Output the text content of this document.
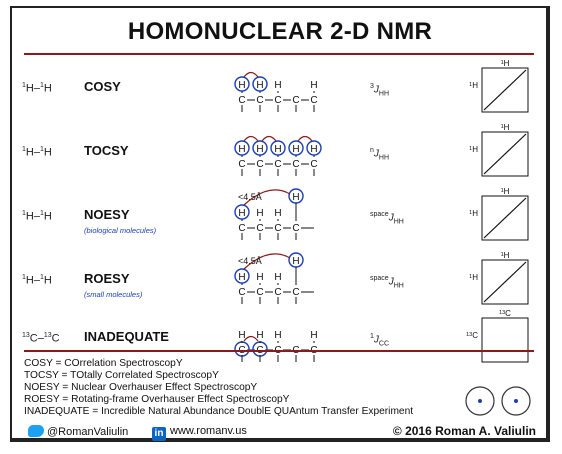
HOMONUCLEAR 2-D NMR
$^1$H–$^1$H COSY	$^3J_{HH}$
C C C C C
H H H	H
$^1$H
$^1$H
$^1$H–$^1$H TOCSY	$^nJ_{HH}$
C C C C C
H H H H H
$^1$H
$^1$H
$^1$H–$^1$H NOESY
(biological molecules)
$^{space}J_{HH}$
C C C C
H H H
H
<4.5Å
$^1$H
$^1$H
$^1$H–$^1$H ROESY
(small molecules)
$^{space}J_{HH}$
C C C C
H H H
H
<4.5Å
$^1$H
$^1$H
$^{13}$C–$^{13}$C INADEQUATE	$^1J_{CC}$
H H H	H
$^{13}$C
$^{13}$C
COSY = COrrelation SpectroscopY
TOCSY = TOtally Correlated SpectroscopY
NOESY = Nuclear Overhauser Effect SpectroscopY
ROESY = Rotating-frame Overhauser Effect SpectroscopY
INADEQUATE = Incredible Natural Abundance DoublE QUAntum Transfer Experiment
@RomanValiulin	in www.romanv.us	© 2016 Roman A. Valiulin
